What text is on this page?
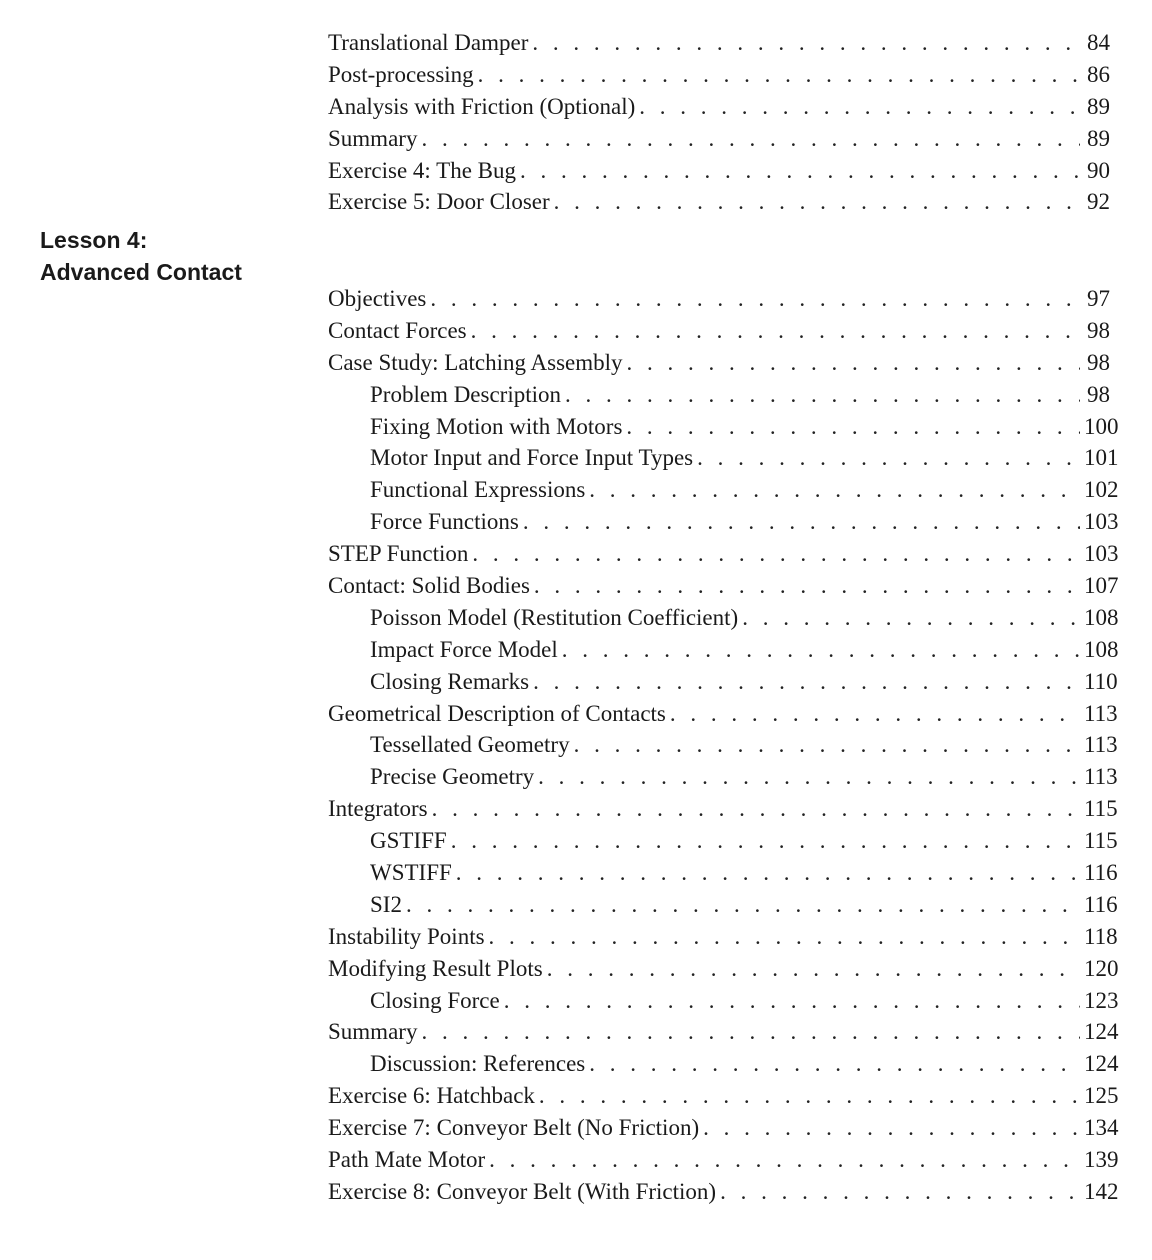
Translational Damper . . .	84
Post-processing . . .	86
Analysis with Friction (Optional) . . .	89
Summary . . .	89
Exercise 4: The Bug . . .	90
Exercise 5: Door Closer . . .	92
Lesson 4:
Advanced Contact
Objectives . . .	97
Contact Forces . . .	98
Case Study: Latching Assembly . . .	98
Problem Description . . .	98
Fixing Motion with Motors . . .	100
Motor Input and Force Input Types . . .	101
Functional Expressions . . .	102
Force Functions . . .	103
STEP Function . . .	103
Contact: Solid Bodies . . .	107
Poisson Model (Restitution Coefficient) . . .	108
Impact Force Model . . .	108
Closing Remarks . . .	110
Geometrical Description of Contacts . . .	113
Tessellated Geometry . . .	113
Precise Geometry . . .	113
Integrators . . .	115
GSTIFF . . .	115
WSTIFF . . .	116
SI2 . . .	116
Instability Points . . .	118
Modifying Result Plots . . .	120
Closing Force . . .	123
Summary . . .	124
Discussion: References . . .	124
Exercise 6: Hatchback . . .	125
Exercise 7: Conveyor Belt (No Friction) . . .	134
Path Mate Motor . . .	139
Exercise 8: Conveyor Belt (With Friction) . . .	142
